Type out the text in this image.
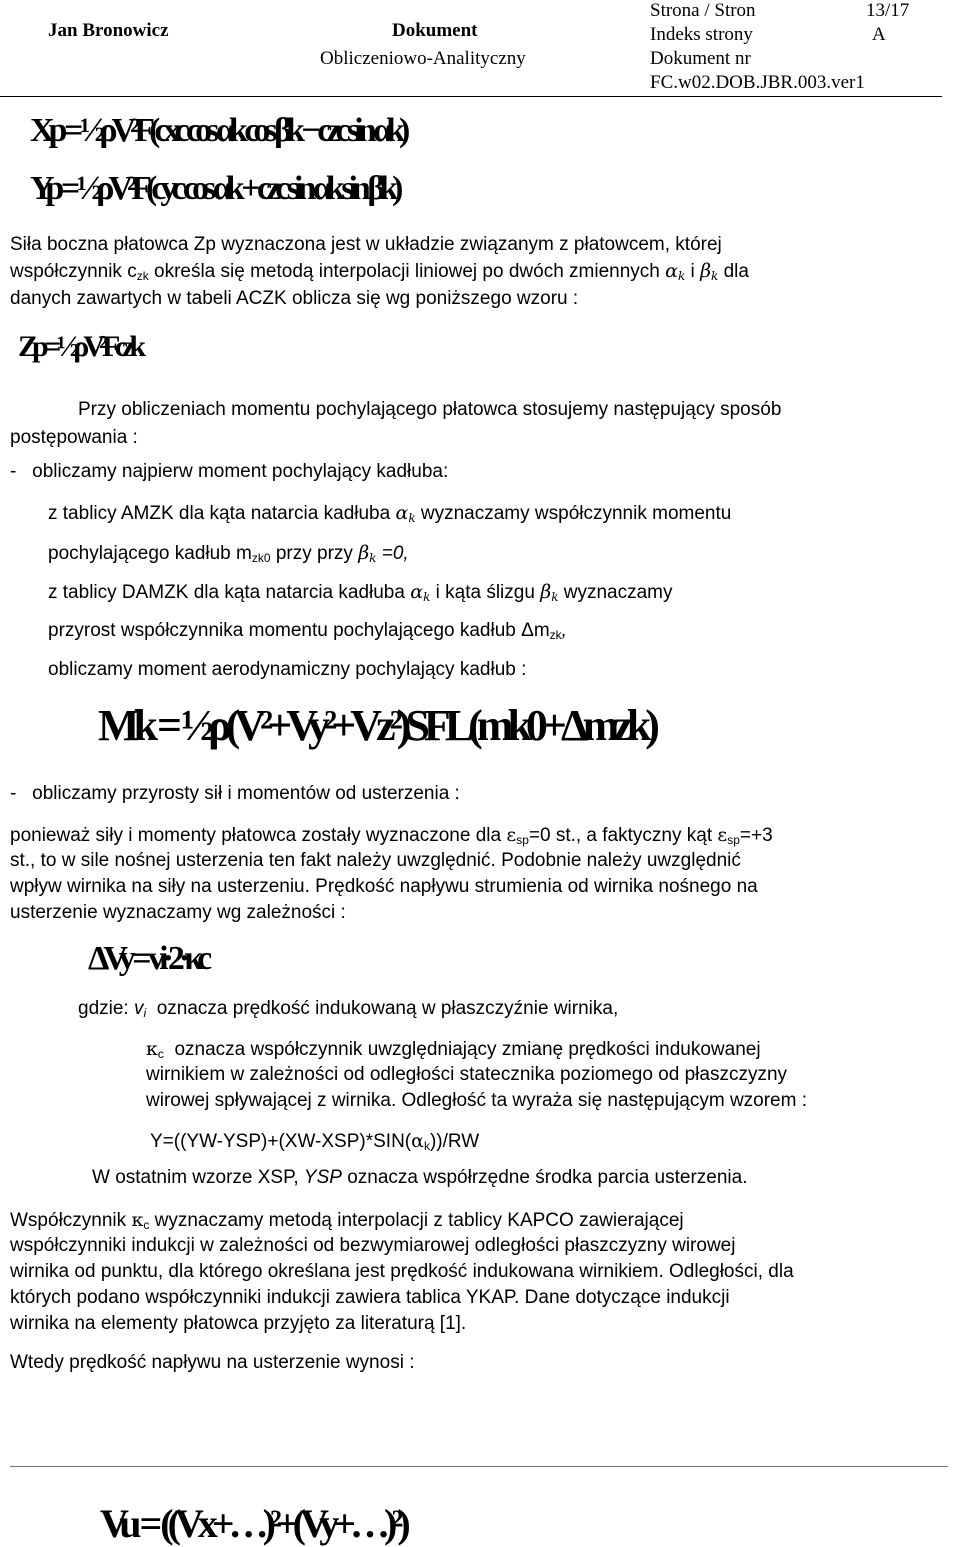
Jan Bronowicz	Dokument
Obliczeniowo-Analityczny
Strona / Stron	13/17
Indeks strony	A
Dokument nr
FC.w02.DOB.JBR.003.ver1
Xp = ½ρV²F(cxc cos αk cos βk − czc sin αk)
Yp = ½ρV²F(cyc cos αk + czc sin αk sin βk)
Siła boczna płatowca Zp wyznaczona jest w układzie związanym z płatowcem, której
współczynnik $c_{zk}$ określa się metodą interpolacji liniowej po dwóch zmiennych $\alpha_k$ i $\beta_k$ dla
danych zawartych w tabeli ACZK oblicza się wg poniższego wzoru :
Zp = ½ρV²F czk
Przy obliczeniach momentu pochylającego płatowca stosujemy następujący sposób
postępowania :
-   obliczamy najpierw moment pochylający kadłuba:
z tablicy AMZK dla kąta natarcia kadłuba $\alpha_k$ wyznaczamy współczynnik momentu
pochylającego kadłub $m_{zk0}$ przy przy $\beta_k =0$,
z tablicy DAMZK dla kąta natarcia kadłuba $\alpha_k$ i kąta ślizgu $\beta_k$ wyznaczamy
przyrost współczynnika momentu pochylającego kadłub $\Delta m_{zk}$,
obliczamy moment aerodynamiczny pochylający kadłub :
Mk = ½ρ(V²+Vy²+Vz²)SFL(mk0+Δmzk)
-   obliczamy przyrosty sił i momentów od usterzenia :
ponieważ siły i momenty płatowca zostały wyznaczone dla $\varepsilon_{sp}=0$ st., a faktyczny kąt $\varepsilon_{sp}=+3$
st., to w sile nośnej usterzenia ten fakt należy uwzględnić. Podobnie należy uwzględnić
wpływ wirnika na siły na usterzeniu. Prędkość napływu strumienia od wirnika nośnego na
usterzenie wyznaczamy wg zależności :
ΔVy = vi·2·κc
gdzie: $v_i$ oznacza prędkość indukowaną w płaszczyźnie wirnika,
$\kappa_c$ oznacza współczynnik uwzględniający zmianę prędkości indukowanej
wirnikiem w zależności od odległości statecznika poziomego od płaszczyzny
wirowej spływającej z wirnika. Odległość ta wyraża się następującym wzorem :
$Y=((YW-YSP)+(XW-XSP)*SIN(\alpha_k))/RW$
W ostatnim wzorze XSP, YSP oznacza współrzędne środka parcia usterzenia.
Współczynnik $\kappa_c$ wyznaczamy metodą interpolacji z tablicy KAPCO zawierającej
współczynniki indukcji w zależności od bezwymiarowej odległości płaszczyzny wirowej
wirnika od punktu, dla którego określana jest prędkość indukowana wirnikiem. Odległości, dla
których podano współczynniki indukcji zawiera tablica YKAP. Dane dotyczące indukcji
wirnika na elementy płatowca przyjęto za literaturą [1].
Wtedy prędkość napływu na usterzenie wynosi :
Vu = ((Vx+…)²+(Vy+…)²)
